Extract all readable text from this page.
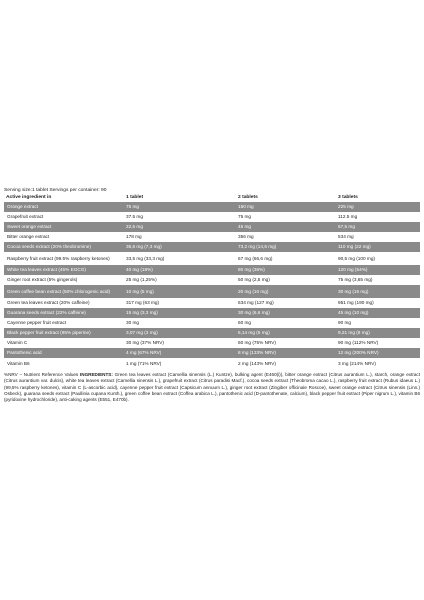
Serving size:1 tablet Servings per container: 90
Active ingredient in	1 tablet	2 tablets	3 tablets
Orange extract	75 mg	150 mg	225 mg
Grapefruit extract	37.5 mg	75 mg	112.5 mg
Sweet orange extract	22,5 mg	45 mg	67,5 mg
Bitter orange extract	178 mg	356 mg	534 mg
Cocoa seeds extract (20% theobromine)	36,6 mg (7,3 mg)	73,2 mg (14,6 mg)	110 mg (22 mg)
Raspberry fruit extract (99.5% raspberry ketones)	33,5 mg (33,3 mg)	67 mg (66,6 mg)	90,5 mg (100 mg)
White tea leaves extract (45% EGCG)	40 mg (18%)	80 mg (36%)	120 mg (54%)
Ginger root extract (5% gingerols)	25 mg (1,25%)	50 mg (2,5 mg)	75 mg (3,65 mg)
Green coffee bean extract (50% chlorogenic acid)	10 mg (5 mg)	20 mg (10 mg)	30 mg (15 mg)
Green tea leaves extract (20% caffeine)	317 mg (63 mg)	634 mg (127 mg)	951 mg (190 mg)
Guarana seeds extract (22% caffeine)	15 mg (3,3 mg)	30 mg (6,6 mg)	45 mg (10 mg)
Cayenne pepper fruit extract	30 mg	60 mg	90 mg
Black pepper fruit extract (95% piperine)	3,07 mg (3 mg)	6,14 mg (6 mg)	9,21 mg (9 mg)
Vitamin C	30 mg (37% NRV)	60 mg (75% NRV)	90 mg (112% NRV)
Pantothenic acid	4 mg (67% NRV)	8 mg (133% NRV)	12 mg (200% NRV)
Vitamin B6	1 mg (71% NRV)	2 mg (143% NRV)	3 mg (214% NRV)
%NRV – Nutrient Reference Values INGREDIENTS: Green tea leaves extract (Camellia sinensis (L.) Kuntze), bulking agent (E460(i)), bitter orange extract (Citrus aurantium L.), starch, orange extract (Citrus aurantium var. dulcis), white tea leaves extract (Camellia sinensis L.), grapefruit extract (Citrus paradisi Macf.), cocoa seeds extract (Theobroma cacao L.), raspberry fruit extract (Rubus idaeus L.)(99,5% raspberry ketones), vitamin C (L-ascorbic acid), cayenne pepper fruit extract (Capsicum annuum L.), ginger root extract (Zingiber officinale Roscoe), sweet orange extract (Citrus sinensis (Linn.) Osbeck), guarana seeds extract (Paullinia cupana Kunth.), green coffee bean extract (Coffea arabica L.), pantothenic acid (D-pantothenate, calcium), black pepper fruit extract (Piper nigrum L.), vitamin B6 (pyridoxine hydrochloride), anti-caking agents (E551, E470b).
